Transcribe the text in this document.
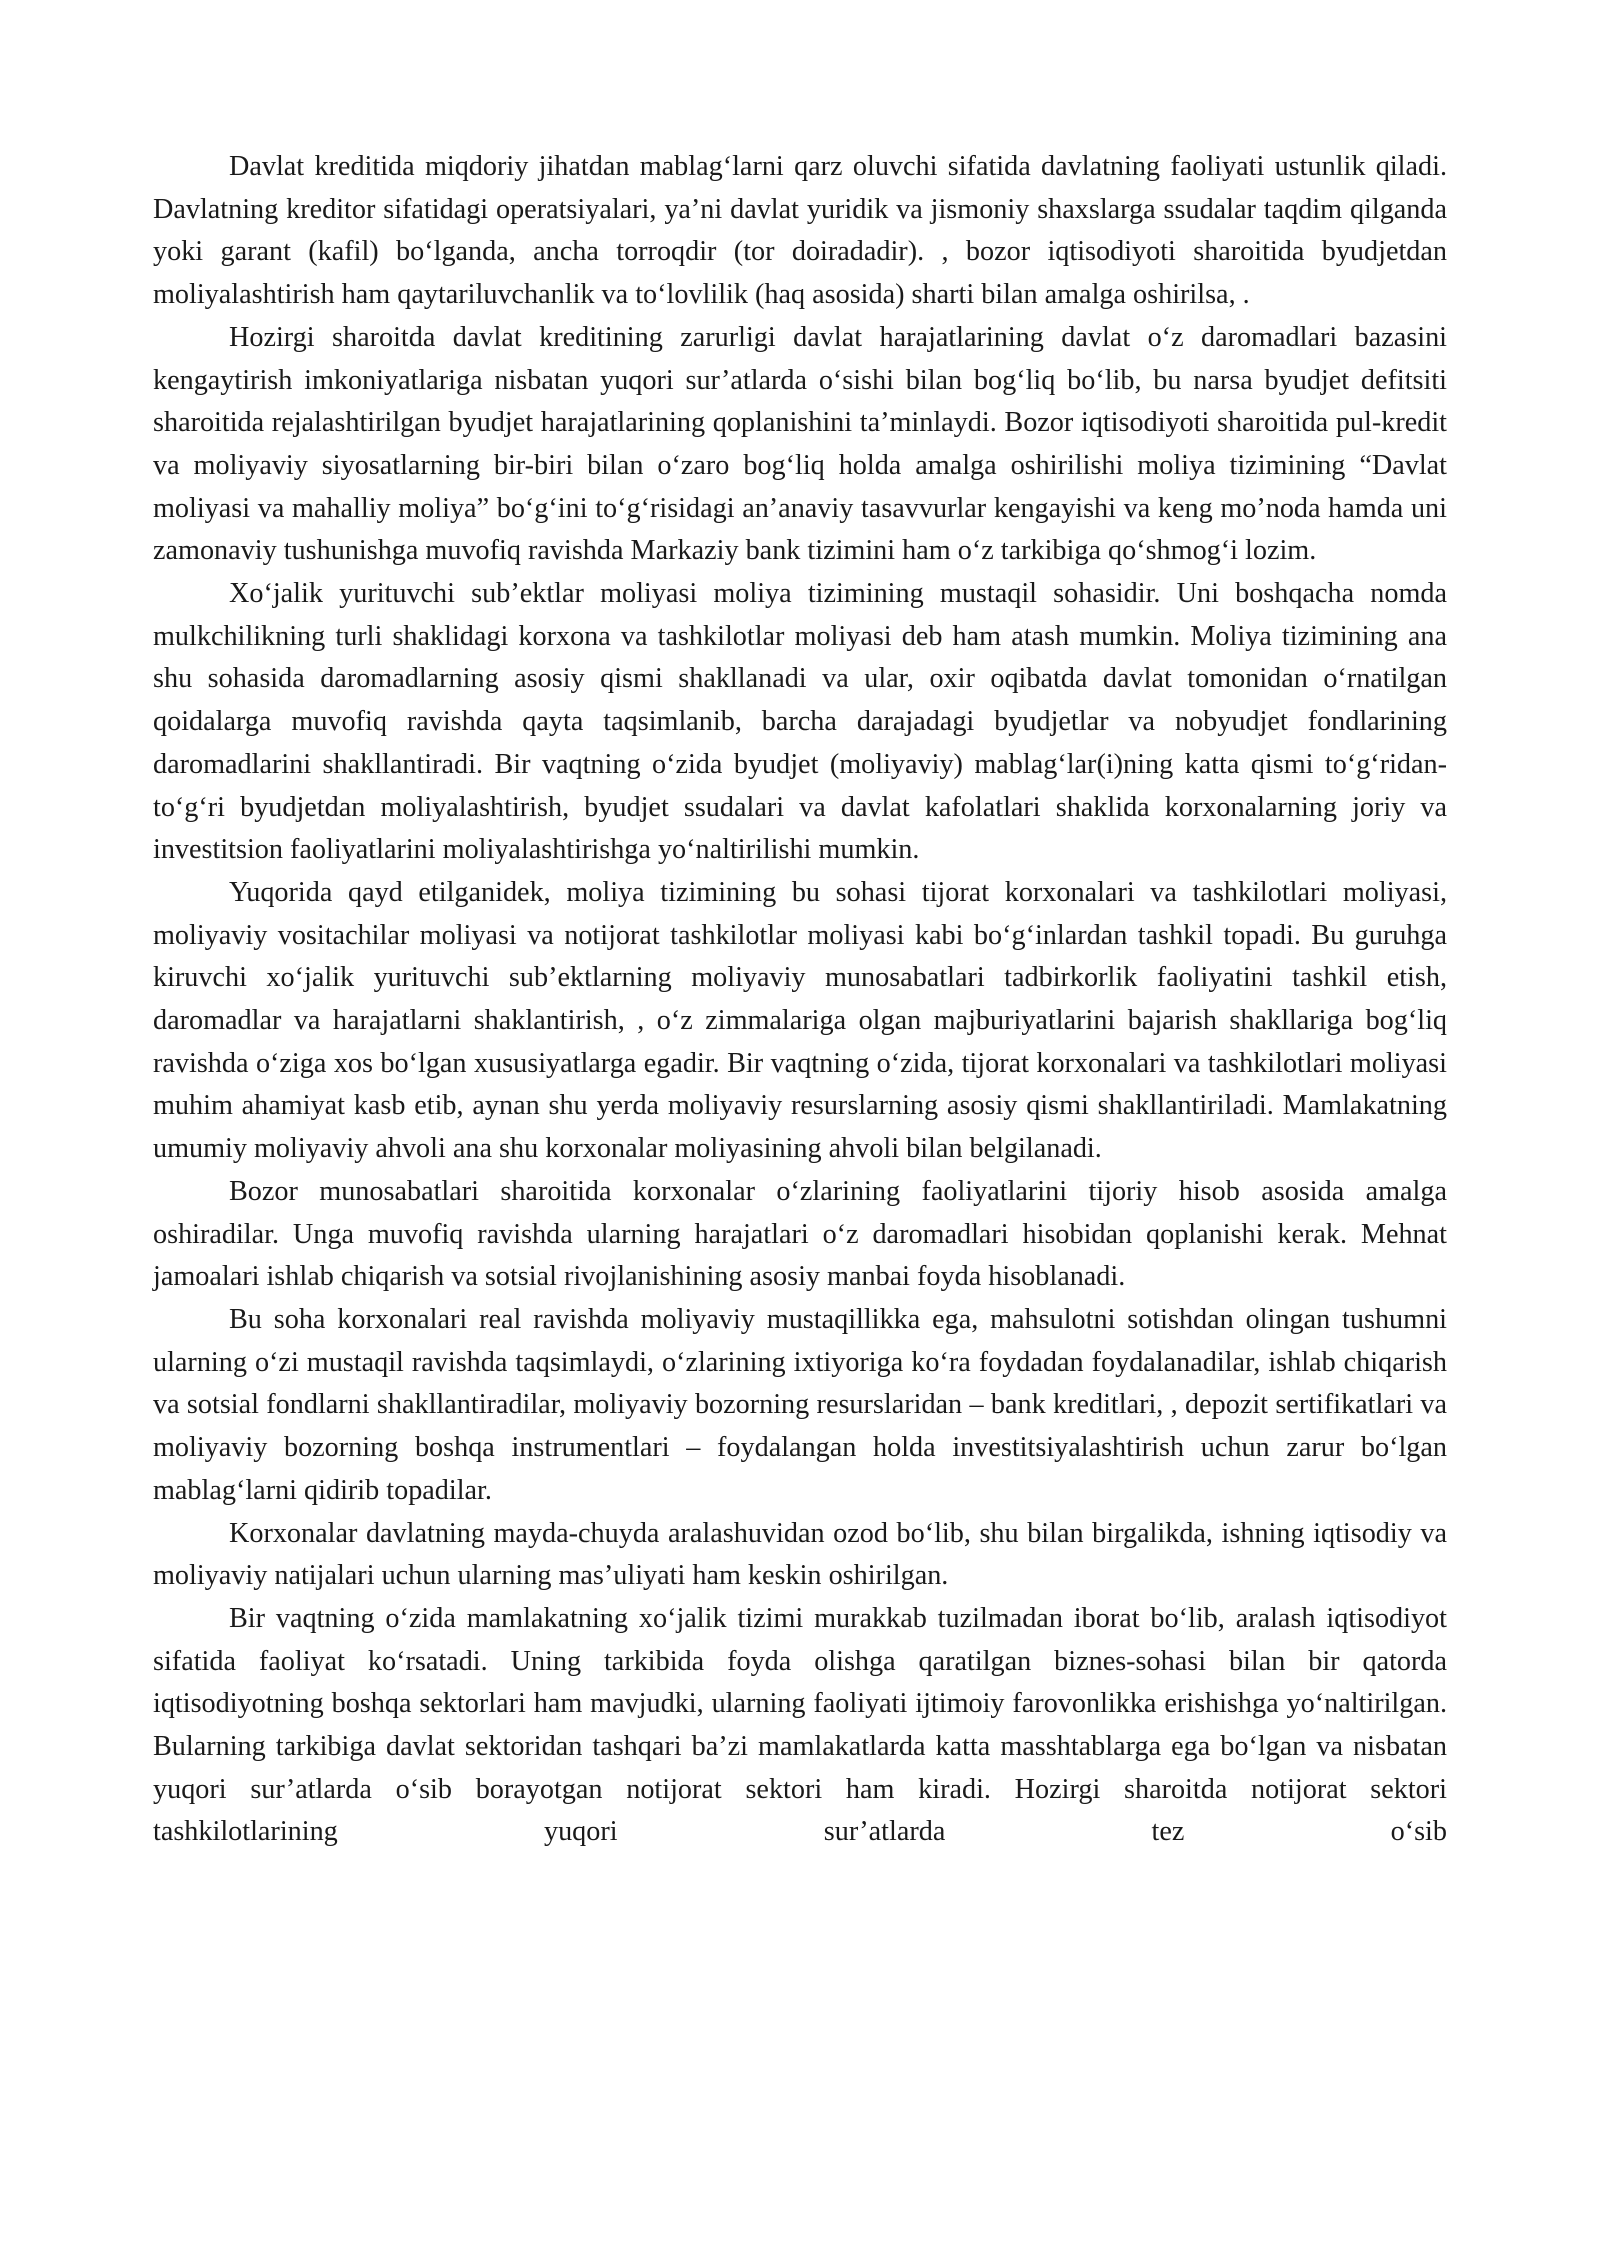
Davlat kreditida miqdoriy jihatdan mablag‘larni qarz oluvchi sifatida davlatning faoliyati ustunlik qiladi. Davlatning kreditor sifatidagi operatsiyalari, ya’ni davlat yuridik va jismoniy shaxslarga ssudalar taqdim qilganda yoki garant (kafil) bo‘lganda, ancha torroqdir (tor doiradadir). , bozor iqtisodiyoti sharoitida byudjetdan moliyalashtirish ham qaytariluvchanlik va to‘lovlilik (haq asosida) sharti bilan amalga oshirilsa, .

Hozirgi sharoitda davlat kreditining zarurligi davlat harajatlarining davlat o‘z daromadlari bazasini kengaytirish imkoniyatlariga nisbatan yuqori sur’atlarda o‘sishi bilan bog‘liq bo‘lib, bu narsa byudjet defitsiti sharoitida rejalashtirilgan byudjet harajatlarining qoplanishini ta’minlaydi. Bozor iqtisodiyoti sharoitida pul-kredit va moliyaviy siyosatlarning bir-biri bilan o‘zaro bog‘liq holda amalga oshirilishi moliya tizimining “Davlat moliyasi va mahalliy moliya” bo‘g‘ini to‘g‘risidagi an’anaviy tasavvurlar kengayishi va keng mo’noda hamda uni zamonaviy tushunishga muvofiq ravishda Markaziy bank tizimini ham o‘z tarkibiga qo‘shmog‘i lozim.

Xo‘jalik yurituvchi sub’ektlar moliyasi moliya tizimining mustaqil sohasidir. Uni boshqacha nomda mulkchilikning turli shaklidagi korxona va tashkilotlar moliyasi deb ham atash mumkin. Moliya tizimining ana shu sohasida daromadlarning asosiy qismi shakllanadi va ular, oxir oqibatda davlat tomonidan o‘rnatilgan qoidalarga muvofiq ravishda qayta taqsimlanib, barcha darajadagi byudjetlar va nobyudjet fondlarining daromadlarini shakllantiradi. Bir vaqtning o‘zida byudjet (moliyaviy) mablag‘lar(i)ning katta qismi to‘g‘ridan-to‘g‘ri byudjetdan moliyalashtirish, byudjet ssudalari va davlat kafolatlari shaklida korxonalarning joriy va investitsion faoliyatlarini moliyalashtirishga yo‘naltirilishi mumkin.

Yuqorida qayd etilganidek, moliya tizimining bu sohasi tijorat korxonalari va tashkilotlari moliyasi, moliyaviy vositachilar moliyasi va notijorat tashkilotlar moliyasi kabi bo‘g‘inlardan tashkil topadi. Bu guruhga kiruvchi xo‘jalik yurituvchi sub’ektlarning moliyaviy munosabatlari tadbirkorlik faoliyatini tashkil etish, daromadlar va harajatlarni shaklantirish, , o‘z zimmalariga olgan majburiyatlarini bajarish shakllariga bog‘liq ravishda o‘ziga xos bo‘lgan xususiyatlarga egadir. Bir vaqtning o‘zida, tijorat korxonalari va tashkilotlari moliyasi muhim ahamiyat kasb etib, aynan shu yerda moliyaviy resurslarning asosiy qismi shakllantiriladi. Mamlakatning umumiy moliyaviy ahvoli ana shu korxonalar moliyasining ahvoli bilan belgilanadi.

Bozor munosabatlari sharoitida korxonalar o‘zlarining faoliyatlarini tijoriy hisob asosida amalga oshiradilar. Unga muvofiq ravishda ularning harajatlari o‘z daromadlari hisobidan qoplanishi kerak. Mehnat jamoalari ishlab chiqarish va sotsial rivojlanishining asosiy manbai foyda hisoblanadi.

Bu soha korxonalari real ravishda moliyaviy mustaqillikka ega, mahsulotni sotishdan olingan tushumni ularning o‘zi mustaqil ravishda taqsimlaydi, o‘zlarining ixtiyoriga ko‘ra foydadan foydalanadilar, ishlab chiqarish va sotsial fondlarni shakllantiradilar, moliyaviy bozorning resurslaridan – bank kreditlari, , depozit sertifikatlari va moliyaviy bozorning boshqa instrumentlari – foydalangan holda investitsiyalashtirish uchun zarur bo‘lgan mablag‘larni qidirib topadilar.

Korxonalar davlatning mayda-chuyda aralashuvidan ozod bo‘lib, shu bilan birgalikda, ishning iqtisodiy va moliyaviy natijalari uchun ularning mas’uliyati ham keskin oshirilgan.

Bir vaqtning o‘zida mamlakatning xo‘jalik tizimi murakkab tuzilmadan iborat bo‘lib, aralash iqtisodiyot sifatida faoliyat ko‘rsatadi. Uning tarkibida foyda olishga qaratilgan biznes-sohasi bilan bir qatorda iqtisodiyotning boshqa sektorlari ham mavjudki, ularning faoliyati ijtimoiy farovonlikka erishishga yo‘naltirilgan. Bularning tarkibiga davlat sektoridan tashqari ba’zi mamlakatlarda katta masshtablarga ega bo‘lgan va nisbatan yuqori sur’atlarda o‘sib borayotgan notijorat sektori ham kiradi. Hozirgi sharoitda notijorat sektori tashkilotlarining yuqori sur’atlarda tez o‘sib
